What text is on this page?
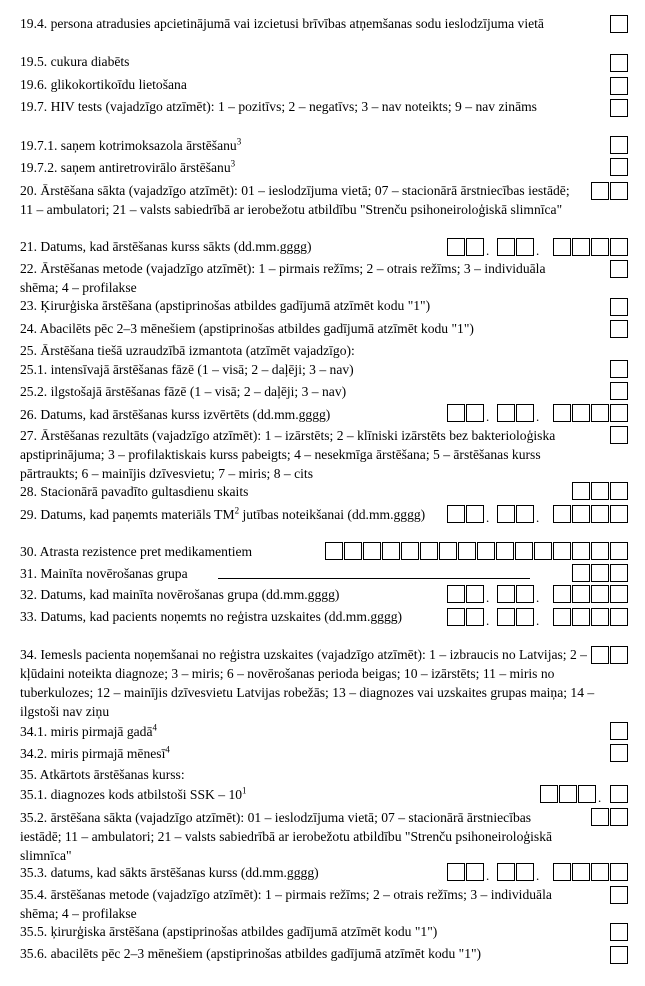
19.4. persona atradusies apcietinājumā vai izcietusi brīvības atņemšanas sodu ieslodzījuma vietā
19.5. cukura diabēts
19.6. glikokortikoīdu lietošana
19.7. HIV tests (vajadzīgo atzīmēt): 1 – pozitīvs; 2 – negatīvs; 3 – nav noteikts; 9 – nav zināms
19.7.1. saņem kotrimoksazola ārstēšanu$^3$
19.7.2. saņem antiretrovirālo ārstēšanu$^3$
20. Ārstēšana sākta (vajadzīgo atzīmēt): 01 – ieslodzījuma vietā; 07 – stacionārā ārstniecības iestādē; 11 – ambulatori; 21 – valsts sabiedrībā ar ierobežotu atbildību "Strenču psihoneiroloģiskā slimnīca"
21. Datums, kad ārstēšanas kurss sākts (dd.mm.gggg)	.	.
22. Ārstēšanas metode (vajadzīgo atzīmēt): 1 – pirmais režīms; 2 – otrais režīms; 3 – individuāla shēma; 4 – profilakse
23. Ķirurģiska ārstēšana (apstiprinošas atbildes gadījumā atzīmēt kodu "1")
24. Abacilēts pēc 2–3 mēnešiem (apstiprinošas atbildes gadījumā atzīmēt kodu "1")
25. Ārstēšana tiešā uzraudzībā izmantota (atzīmēt vajadzīgo):
25.1. intensīvajā ārstēšanas fāzē (1 – visā; 2 – daļēji; 3 – nav)
25.2. ilgstošajā ārstēšanas fāzē (1 – visā; 2 – daļēji; 3 – nav)
26. Datums, kad ārstēšanas kurss izvērtēts (dd.mm.gggg)	.	.
27. Ārstēšanas rezultāts (vajadzīgo atzīmēt): 1 – izārstēts; 2 – klīniski izārstēts bez bakterioloģiska apstiprinājuma; 3 – profilaktiskais kurss pabeigts; 4 – nesekmīga ārstēšana; 5 – ārstēšanas kurss pārtraukts; 6 – mainījis dzīvesvietu; 7 – miris; 8 – cits
28. Stacionārā pavadīto gultasdienu skaits
29. Datums, kad paņemts materiāls $TM^2$ jutības noteikšanai (dd.mm.gggg)	.	.
30. Atrasta rezistence pret medikamentiem
31. Mainīta novērošanas grupa
32. Datums, kad mainīta novērošanas grupa (dd.mm.gggg)	.	.
33. Datums, kad pacients noņemts no reģistra uzskaites (dd.mm.gggg)	.	.
34. Iemesls pacienta noņemšanai no reģistra uzskaites (vajadzīgo atzīmēt): 1 – izbraucis no Latvijas; 2 – kļūdaini noteikta diagnoze; 3 – miris; 6 – novērošanas perioda beigas; 10 – izārstēts; 11 – miris no tuberkulozes; 12 – mainījis dzīvesvietu Latvijas robežās; 13 – diagnozes vai uzskaites grupas maiņa; 14 – ilgstoši nav ziņu
34.1. miris pirmajā gadā$^4$
34.2. miris pirmajā mēnesī$^4$
35. Atkārtots ārstēšanas kurss:
35.1. diagnozes kods atbilstoši SSK – $10^1$	.
35.2. ārstēšana sākta (vajadzīgo atzīmēt): 01 – ieslodzījuma vietā; 07 – stacionārā ārstniecības iestādē; 11 – ambulatori; 21 – valsts sabiedrībā ar ierobežotu atbildību "Strenču psihoneiroloģiskā slimnīca"
35.3. datums, kad sākts ārstēšanas kurss (dd.mm.gggg)	.	.
35.4. ārstēšanas metode (vajadzīgo atzīmēt): 1 – pirmais režīms; 2 – otrais režīms; 3 – individuāla shēma; 4 – profilakse
35.5. ķirurģiska ārstēšana (apstiprinošas atbildes gadījumā atzīmēt kodu "1")
35.6. abacilēts pēc 2–3 mēnešiem (apstiprinošas atbildes gadījumā atzīmēt kodu "1")
